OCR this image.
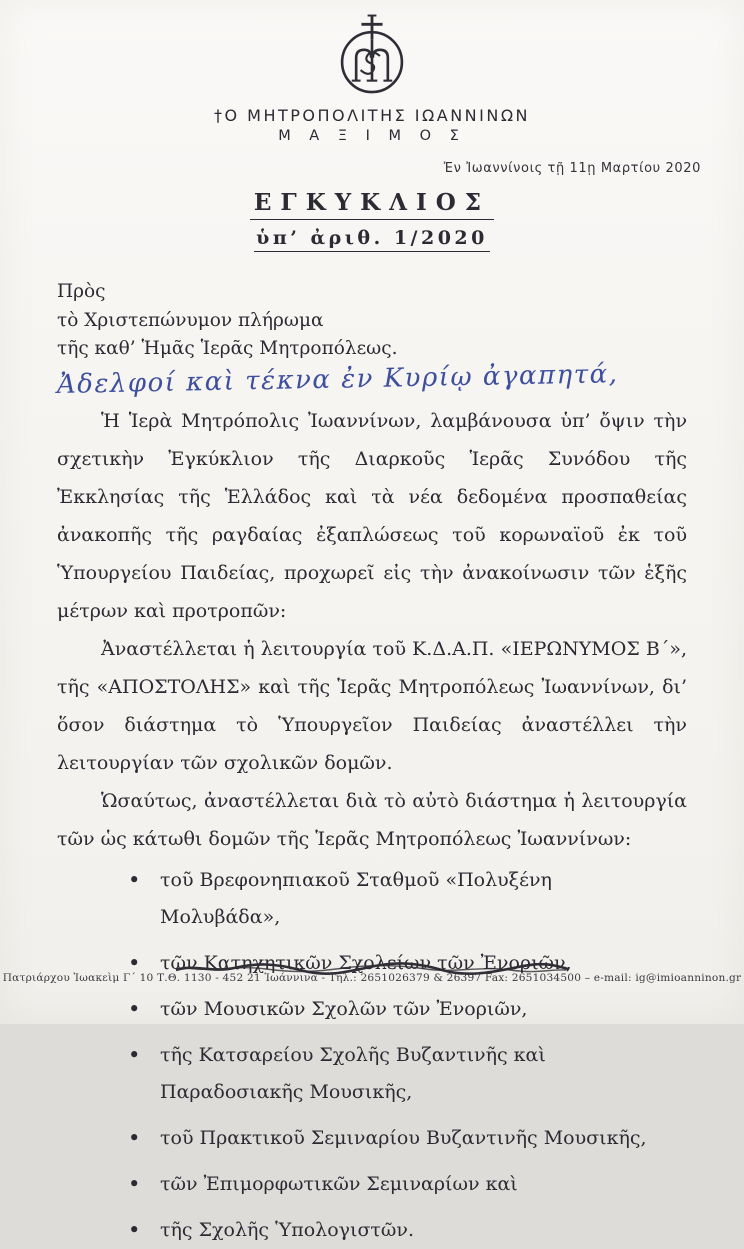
†Ο ΜΗΤΡΟΠΟΛΙΤΗΣ ΙΩΑΝΝΙΝΩΝ
Μ Α Ξ Ι Μ Ο Σ
Ἐν Ἰωαννίνοις τῇ 11ῃ Μαρτίου 2020
ΕΓΚΥΚΛΙΟΣ
ὑπ’ ἀριθ. 1/2020
Πρὸς
τὸ Χριστεπώνυμον πλήρωμα
τῆς καθ’ Ἡμᾶς Ἱερᾶς Μητροπόλεως.
Ἀδελφοί καὶ τέκνα ἐν Κυρίῳ ἀγαπητά,

Ἡ Ἱερὰ Μητρόπολις Ἰωαννίνων, λαμβάνουσα ὑπ’ ὄψιν τὴν σχετικὴν Ἐγκύκλιον τῆς Διαρκοῦς Ἱερᾶς Συνόδου τῆς Ἐκκλησίας τῆς Ἑλλάδος καὶ τὰ νέα δεδομένα προσπαθείας ἀνακοπῆς τῆς ραγδαίας ἐξαπλώσεως τοῦ κορωναϊοῦ ἐκ τοῦ Ὑπουργείου Παιδείας, προχωρεῖ εἰς τὴν ἀνακοίνωσιν τῶν ἑξῆς μέτρων καὶ προτροπῶν:

Ἀναστέλλεται ἡ λειτουργία τοῦ Κ.Δ.Α.Π. «ΙΕΡΩΝΥΜΟΣ Β΄», τῆς «ΑΠΟΣΤΟΛΗΣ» καὶ τῆς Ἱερᾶς Μητροπόλεως Ἰωαννίνων, δι’ ὅσον διάστημα τὸ Ὑπουργεῖον Παιδείας ἀναστέλλει τὴν λειτουργίαν τῶν σχολικῶν δομῶν.

Ὡσαύτως, ἀναστέλλεται διὰ τὸ αὐτὸ διάστημα ἡ λειτουργία τῶν ὡς κάτωθι δομῶν τῆς Ἱερᾶς Μητροπόλεως Ἰωαννίνων:

• τοῦ Βρεφονηπιακοῦ Σταθμοῦ «Πολυξένη Μολυβάδα»,
• τῶν Κατηχητικῶν Σχολείων τῶν Ἐνοριῶν,
• τῶν Μουσικῶν Σχολῶν τῶν Ἐνοριῶν,
• τῆς Κατσαρείου Σχολῆς Βυζαντινῆς καὶ Παραδοσιακῆς Μουσικῆς,
• τοῦ Πρακτικοῦ Σεμιναρίου Βυζαντινῆς Μουσικῆς,
• τῶν Ἐπιμορφωτικῶν Σεμιναρίων καὶ
• τῆς Σχολῆς Ὑπολογιστῶν.
Πατριάρχου Ἰωακεὶμ Γ΄ 10 Τ.Θ. 1130 - 452 21 Ἰωάννινα - Τηλ.: 2651026379 & 26397 Fax: 2651034500 – e-mail: ig@imioanninon.gr
